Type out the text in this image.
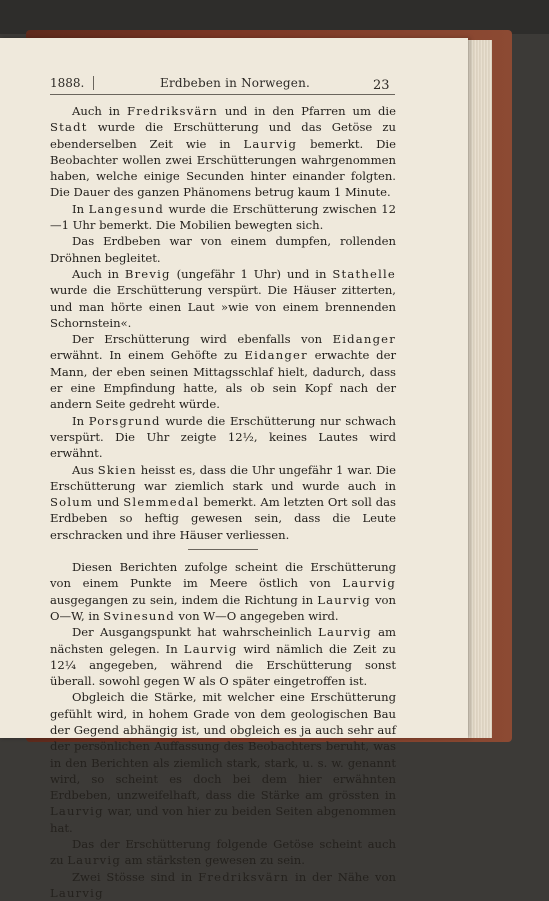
1888.	Erdbeben in Norwegen.	23

Auch in Fredriksvärn und in den Pfarren um die Stadt wurde die Erschütterung und das Getöse zu ebenderselben Zeit wie in Laurvig bemerkt. Die Beobachter wollen zwei Erschütterungen wahrgenommen haben, welche einige Secunden hinter einander folgten. Die Dauer des ganzen Phänomens betrug kaum 1 Minute.

In Langesund wurde die Erschütterung zwischen 12—1 Uhr bemerkt. Die Mobilien bewegten sich.

Das Erdbeben war von einem dumpfen, rollenden Dröhnen begleitet.

Auch in Brevig (ungefähr 1 Uhr) und in Stathelle wurde die Erschütterung verspürt. Die Häuser zitterten, und man hörte einen Laut »wie von einem brennenden Schornstein«.

Der Erschütterung wird ebenfalls von Eidanger erwähnt. In einem Gehöfte zu Eidanger erwachte der Mann, der eben seinen Mittagsschlaf hielt, dadurch, dass er eine Empfindung hatte, als ob sein Kopf nach der andern Seite gedreht würde.

In Porsgrund wurde die Erschütterung nur schwach verspürt. Die Uhr zeigte 12½, keines Lautes wird erwähnt.

Aus Skien heisst es, dass die Uhr ungefähr 1 war. Die Erschütterung war ziemlich stark und wurde auch in Solum und Slemmedal bemerkt. Am letzten Ort soll das Erdbeben so heftig gewesen sein, dass die Leute erschracken und ihre Häuser verliessen.

Diesen Berichten zufolge scheint die Erschütterung von einem Punkte im Meere östlich von Laurvig ausgegangen zu sein, indem die Richtung in Laurvig von O—W, in Svinesund von W—O angegeben wird.

Der Ausgangspunkt hat wahrscheinlich Laurvig am nächsten gelegen. In Laurvig wird nämlich die Zeit zu 12¼ angegeben, während die Erschütterung sonst überall. sowohl gegen W als O später eingetroffen ist.

Obgleich die Stärke, mit welcher eine Erschütterung gefühlt wird, in hohem Grade von dem geologischen Bau der Gegend abhängig ist, und obgleich es ja auch sehr auf der persönlichen Auffassung des Beobachters beruht, was in den Berichten als ziemlich stark, stark, u. s. w. genannt wird, so scheint es doch bei dem hier erwähnten Erdbeben, unzweifelhaft, dass die Stärke am grössten in Laurvig war, und von hier zu beiden Seiten abgenommen hat.

Das der Erschütterung folgende Getöse scheint auch zu Laurvig am stärksten gewesen zu sein.

Zwei Stösse sind in Fredriksvärn in der Nähe von Laurvig
